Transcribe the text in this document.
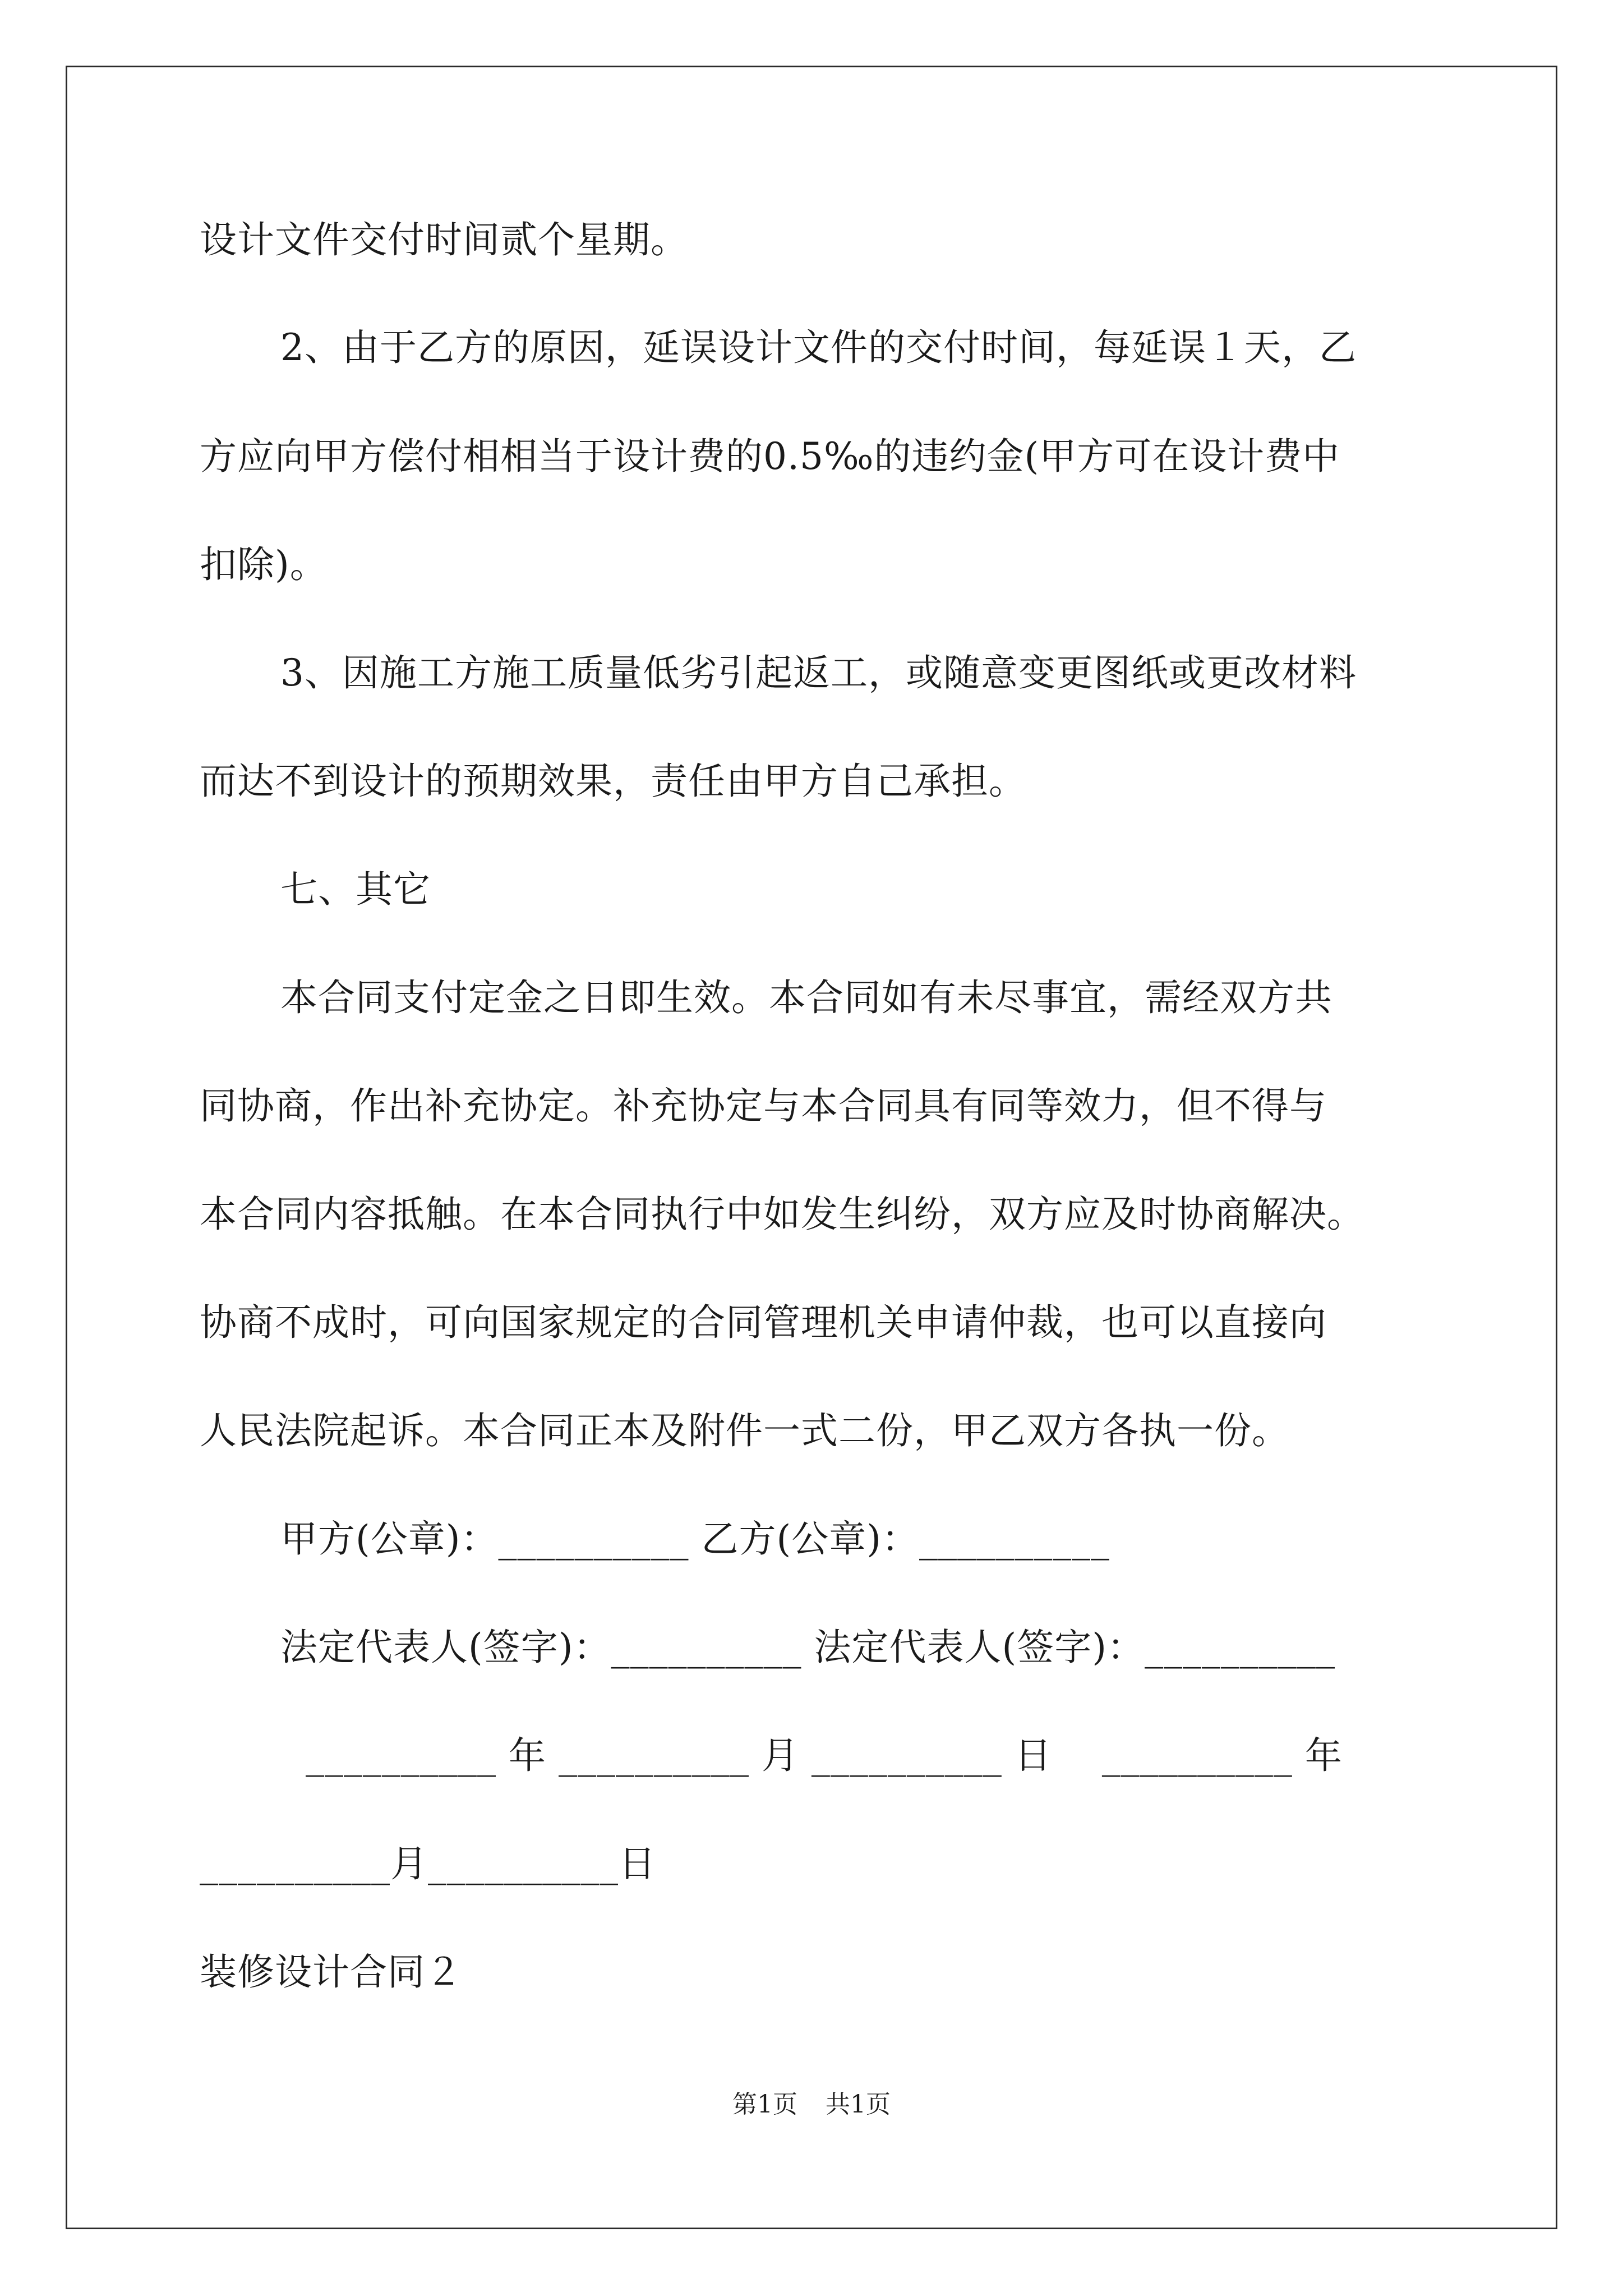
设计文件交付时间贰个星期。
2、由于乙方的原因，延误设计文件的交付时间，每延误１天，乙
方应向甲方偿付相相当于设计费的0.5‰的违约金(甲方可在设计费中
扣除)。
3、因施工方施工质量低劣引起返工，或随意变更图纸或更改材料
而达不到设计的预期效果，责任由甲方自己承担。
七、其它
本合同支付定金之日即生效。本合同如有未尽事宜，需经双方共
同协商，作出补充协定。补充协定与本合同具有同等效力，但不得与
本合同内容抵触。在本合同执行中如发生纠纷，双方应及时协商解决。
协商不成时，可向国家规定的合同管理机关申请仲裁，也可以直接向
人民法院起诉。本合同正本及附件一式二份，甲乙双方各执一份。
甲方(公章)：__________ 乙方(公章)：__________
法定代表人(签字)：__________ 法定代表人(签字)：__________
__________ 年 __________ 月 __________ 日　 __________ 年
__________月__________日
装修设计合同２
第1页 共1页
